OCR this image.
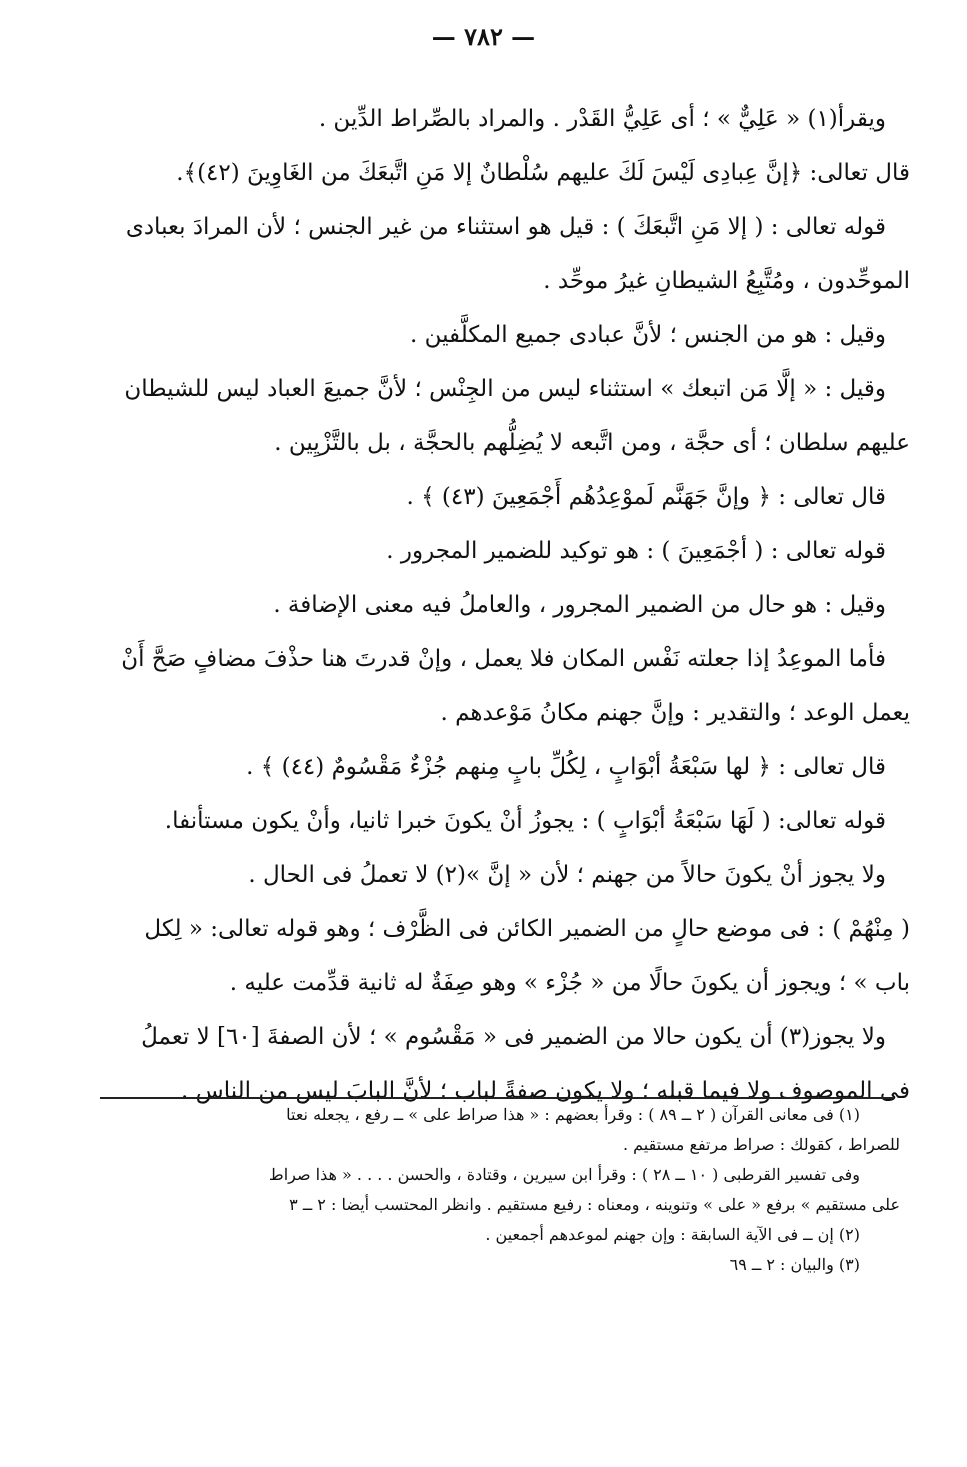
— ٧٨٢ —
ويقرأ(١) « عَلِيٌّ » ؛ أى عَلِيُّ القَدْر . والمراد بالصِّراط الدِّين .
قال تعالى: ﴿إنَّ عِبادِى لَيْسَ لَكَ عليهم سُلْطانٌ إلا مَنِ اتَّبعَكَ من الغَاوِينَ (٤٢)﴾.
قوله تعالى : ( إلا مَنِ اتَّبعَكَ ) : قيل هو استثناء من غير الجنس ؛ لأن المرادَ بعبادى
الموحِّدون ، ومُتَّبِعُ الشيطانِ غيرُ موحِّد .
وقيل : هو من الجنس ؛ لأنَّ عبادى جميع المكلَّفين .
وقيل : « إلَّا مَن اتبعك » استثناء ليس من الجِنْس ؛ لأنَّ جميعَ العباد ليس للشيطان
عليهم سلطان ؛ أى حجَّة ، ومن اتَّبعه لا يُضِلُّهم بالحجَّة ، بل بالتَّزْيِين .
قال تعالى : ﴿ وإنَّ جَهَنَّم لَموْعِدُهُم أَجْمَعِينَ (٤٣) ﴾ .
قوله تعالى : ( أجْمَعِينَ ) : هو توكيد للضمير المجرور .
وقيل : هو حال من الضمير المجرور ، والعاملُ فيه معنى الإضافة .
فأما الموعِدُ إذا جعلته نَفْس المكان فلا يعمل ، وإنْ قدرتَ هنا حذْفَ مضافٍ صَحَّ أَنْ
يعمل الوعد ؛ والتقدير : وإنَّ جهنم مكانُ مَوْعدهم .
قال تعالى : ﴿ لها سَبْعَةُ أبْوَابٍ ، لِكُلِّ بابٍ مِنهم جُزْءٌ مَقْسُومٌ (٤٤) ﴾ .
قوله تعالى: ( لَهَا سَبْعَةُ أبْوَابٍ ) : يجوزُ أنْ يكونَ خبرا ثانيا، وأنْ يكون مستأنفا.
ولا يجوز أنْ يكونَ حالاً من جهنم ؛ لأن « إنَّ »(٢) لا تعملُ فى الحال .
( مِنْهُمْ ) : فى موضع حالٍ من الضمير الكائن فى الظَّرْف ؛ وهو قوله تعالى: « لِكل
باب » ؛ ويجوز أن يكونَ حالًا من « جُزْء » وهو صِفَةٌ له ثانية قدِّمت عليه .
ولا يجوز(٣) أن يكون حالا من الضمير فى « مَقْسُوم » ؛ لأن الصفةَ [٦٠] لا تعملُ
فى الموصوف ولا فيما قبله ؛ ولا يكون صفةً لباب ؛ لأنَّ البابَ ليس من الناس .
(١) فى معانى القرآن ( ٢ ــ ٨٩ ) : وقرأ بعضهم : « هذا صراط على » ــ رفع ، يجعله نعتا
للصراط ، كقولك : صراط مرتفع مستقيم .
وفى تفسير القرطبى ( ١٠ ــ ٢٨ ) : وقرأ ابن سيرين ، وقتادة ، والحسن . . . . « هذا صراط
على مستقيم » برفع « على » وتنوينه ، ومعناه : رفيع مستقيم . وانظر المحتسب أيضا : ٢ ــ ٣
(٢) إن ــ فى الآية السابقة : وإن جهنم لموعدهم أجمعين .
(٣) والبيان : ٢ ــ ٦٩
